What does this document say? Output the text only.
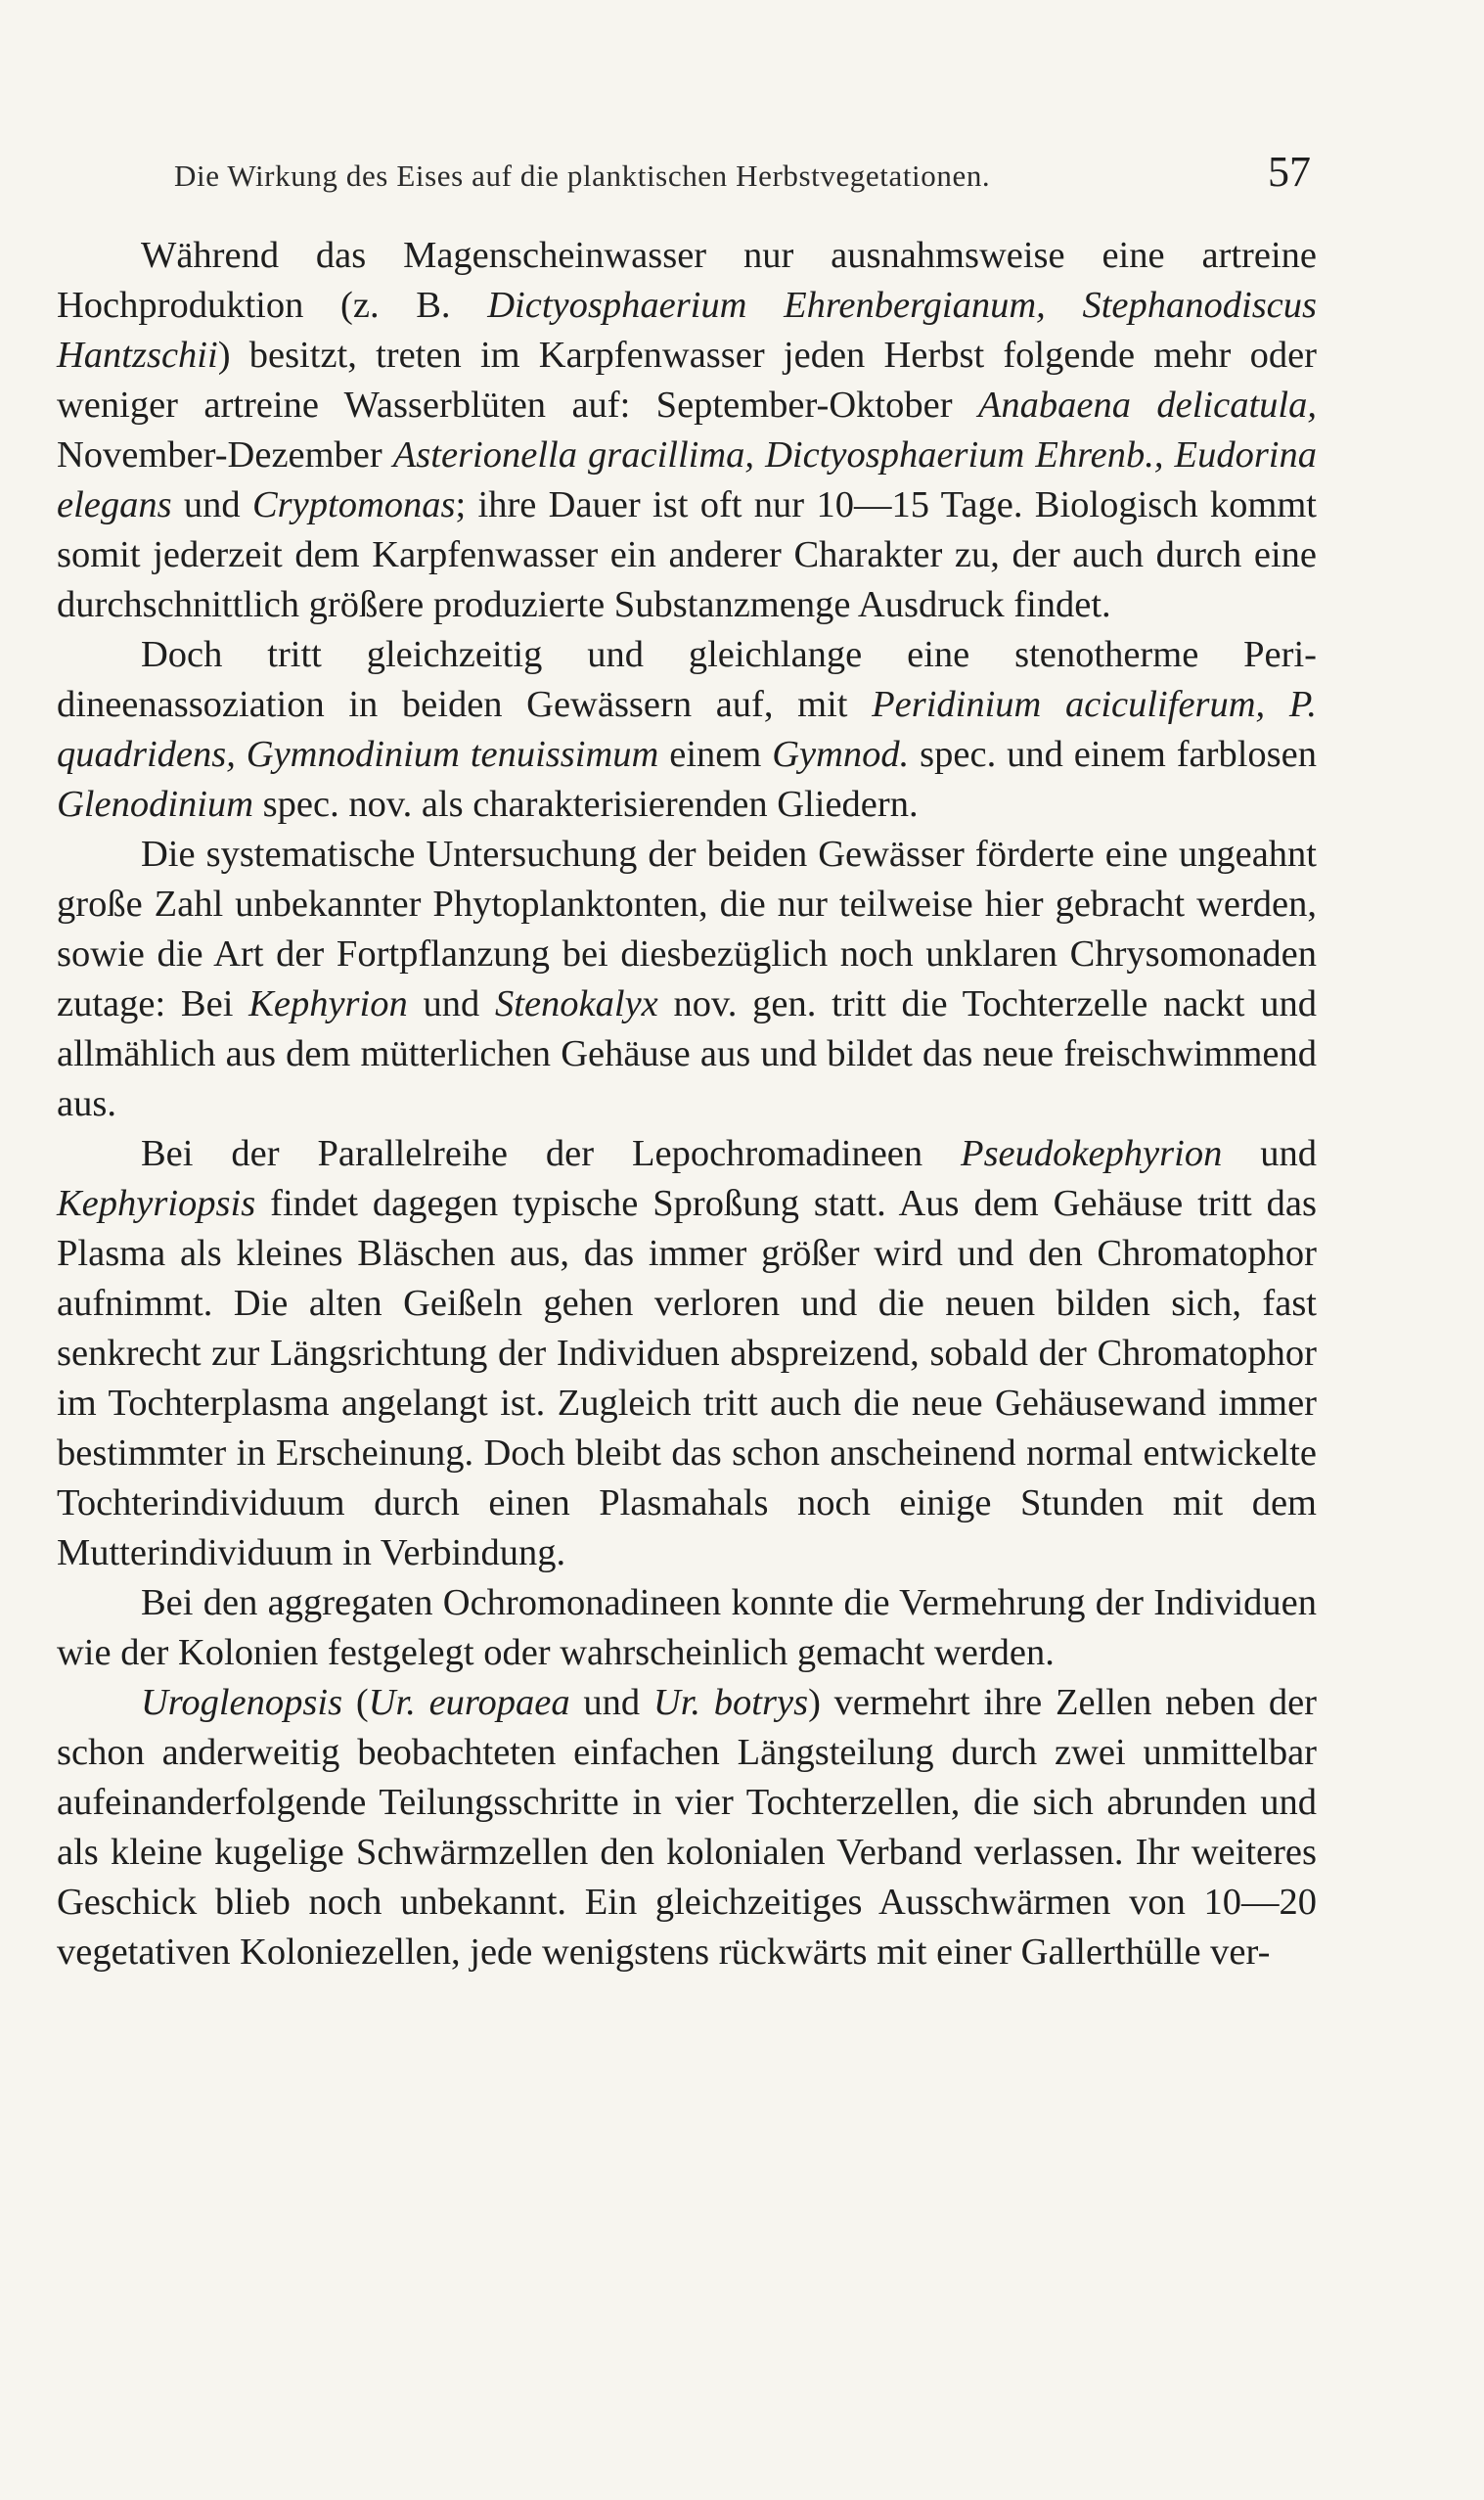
Die Wirkung des Eises auf die planktischen Herbstvegetationen.	57

Während das Magenscheinwasser nur ausnahmsweise eine artreine Hochproduktion (z. B. Dictyosphaerium Ehrenbergianum, Stephanodiscus Hantzschii) besitzt, treten im Karpfenwasser jeden Herbst folgende mehr oder weniger artreine Wasserblüten auf: September-Oktober Anabaena delicatula, November-Dezember Asterionella gracillima, Dictyosphaerium Ehrenb., Eudorina elegans und Cryptomonas; ihre Dauer ist oft nur 10—15 Tage. Biologisch kommt somit jederzeit dem Karpfenwasser ein anderer Charakter zu, der auch durch eine durchschnittlich größere produzierte Substanzmenge Ausdruck findet.

Doch tritt gleichzeitig und gleichlange eine stenotherme Peridineenassoziation in beiden Gewässern auf, mit Peridinium aciculiferum, P. quadridens, Gymnodinium tenuissimum einem Gymnod. spec. und einem farblosen Glenodinium spec. nov. als charakterisierenden Gliedern.

Die systematische Untersuchung der beiden Gewässer förderte eine ungeahnt große Zahl unbekannter Phytoplanktonten, die nur teilweise hier gebracht werden, sowie die Art der Fortpflanzung bei diesbezüglich noch unklaren Chrysomonaden zutage: Bei Kephyrion und Stenokalyx nov. gen. tritt die Tochterzelle nackt und allmählich aus dem mütterlichen Gehäuse aus und bildet das neue freischwimmend aus.

Bei der Parallelreihe der Lepochromadineen Pseudokephyrion und Kephyriopsis findet dagegen typische Sproßung statt. Aus dem Gehäuse tritt das Plasma als kleines Bläschen aus, das immer größer wird und den Chromatophor aufnimmt. Die alten Geißeln gehen verloren und die neuen bilden sich, fast senkrecht zur Längsrichtung der Individuen abspreizend, sobald der Chromatophor im Tochterplasma angelangt ist. Zugleich tritt auch die neue Gehäusewand immer bestimmter in Erscheinung. Doch bleibt das schon anscheinend normal entwickelte Tochterindividuum durch einen Plasmahals noch einige Stunden mit dem Mutterindividuum in Verbindung.

Bei den aggregaten Ochromonadineen konnte die Vermehrung der Individuen wie der Kolonien festgelegt oder wahrscheinlich gemacht werden.

Uroglenopsis (Ur. europaea und Ur. botrys) vermehrt ihre Zellen neben der schon anderweitig beobachteten einfachen Längsteilung durch zwei unmittelbar aufeinanderfolgende Teilungsschritte in vier Tochterzellen, die sich abrunden und als kleine kugelige Schwärmzellen den kolonialen Verband verlassen. Ihr weiteres Geschick blieb noch unbekannt. Ein gleichzeitiges Ausschwärmen von 10—20 vegetativen Koloniezellen, jede wenigstens rückwärts mit einer Gallerthülle ver-
